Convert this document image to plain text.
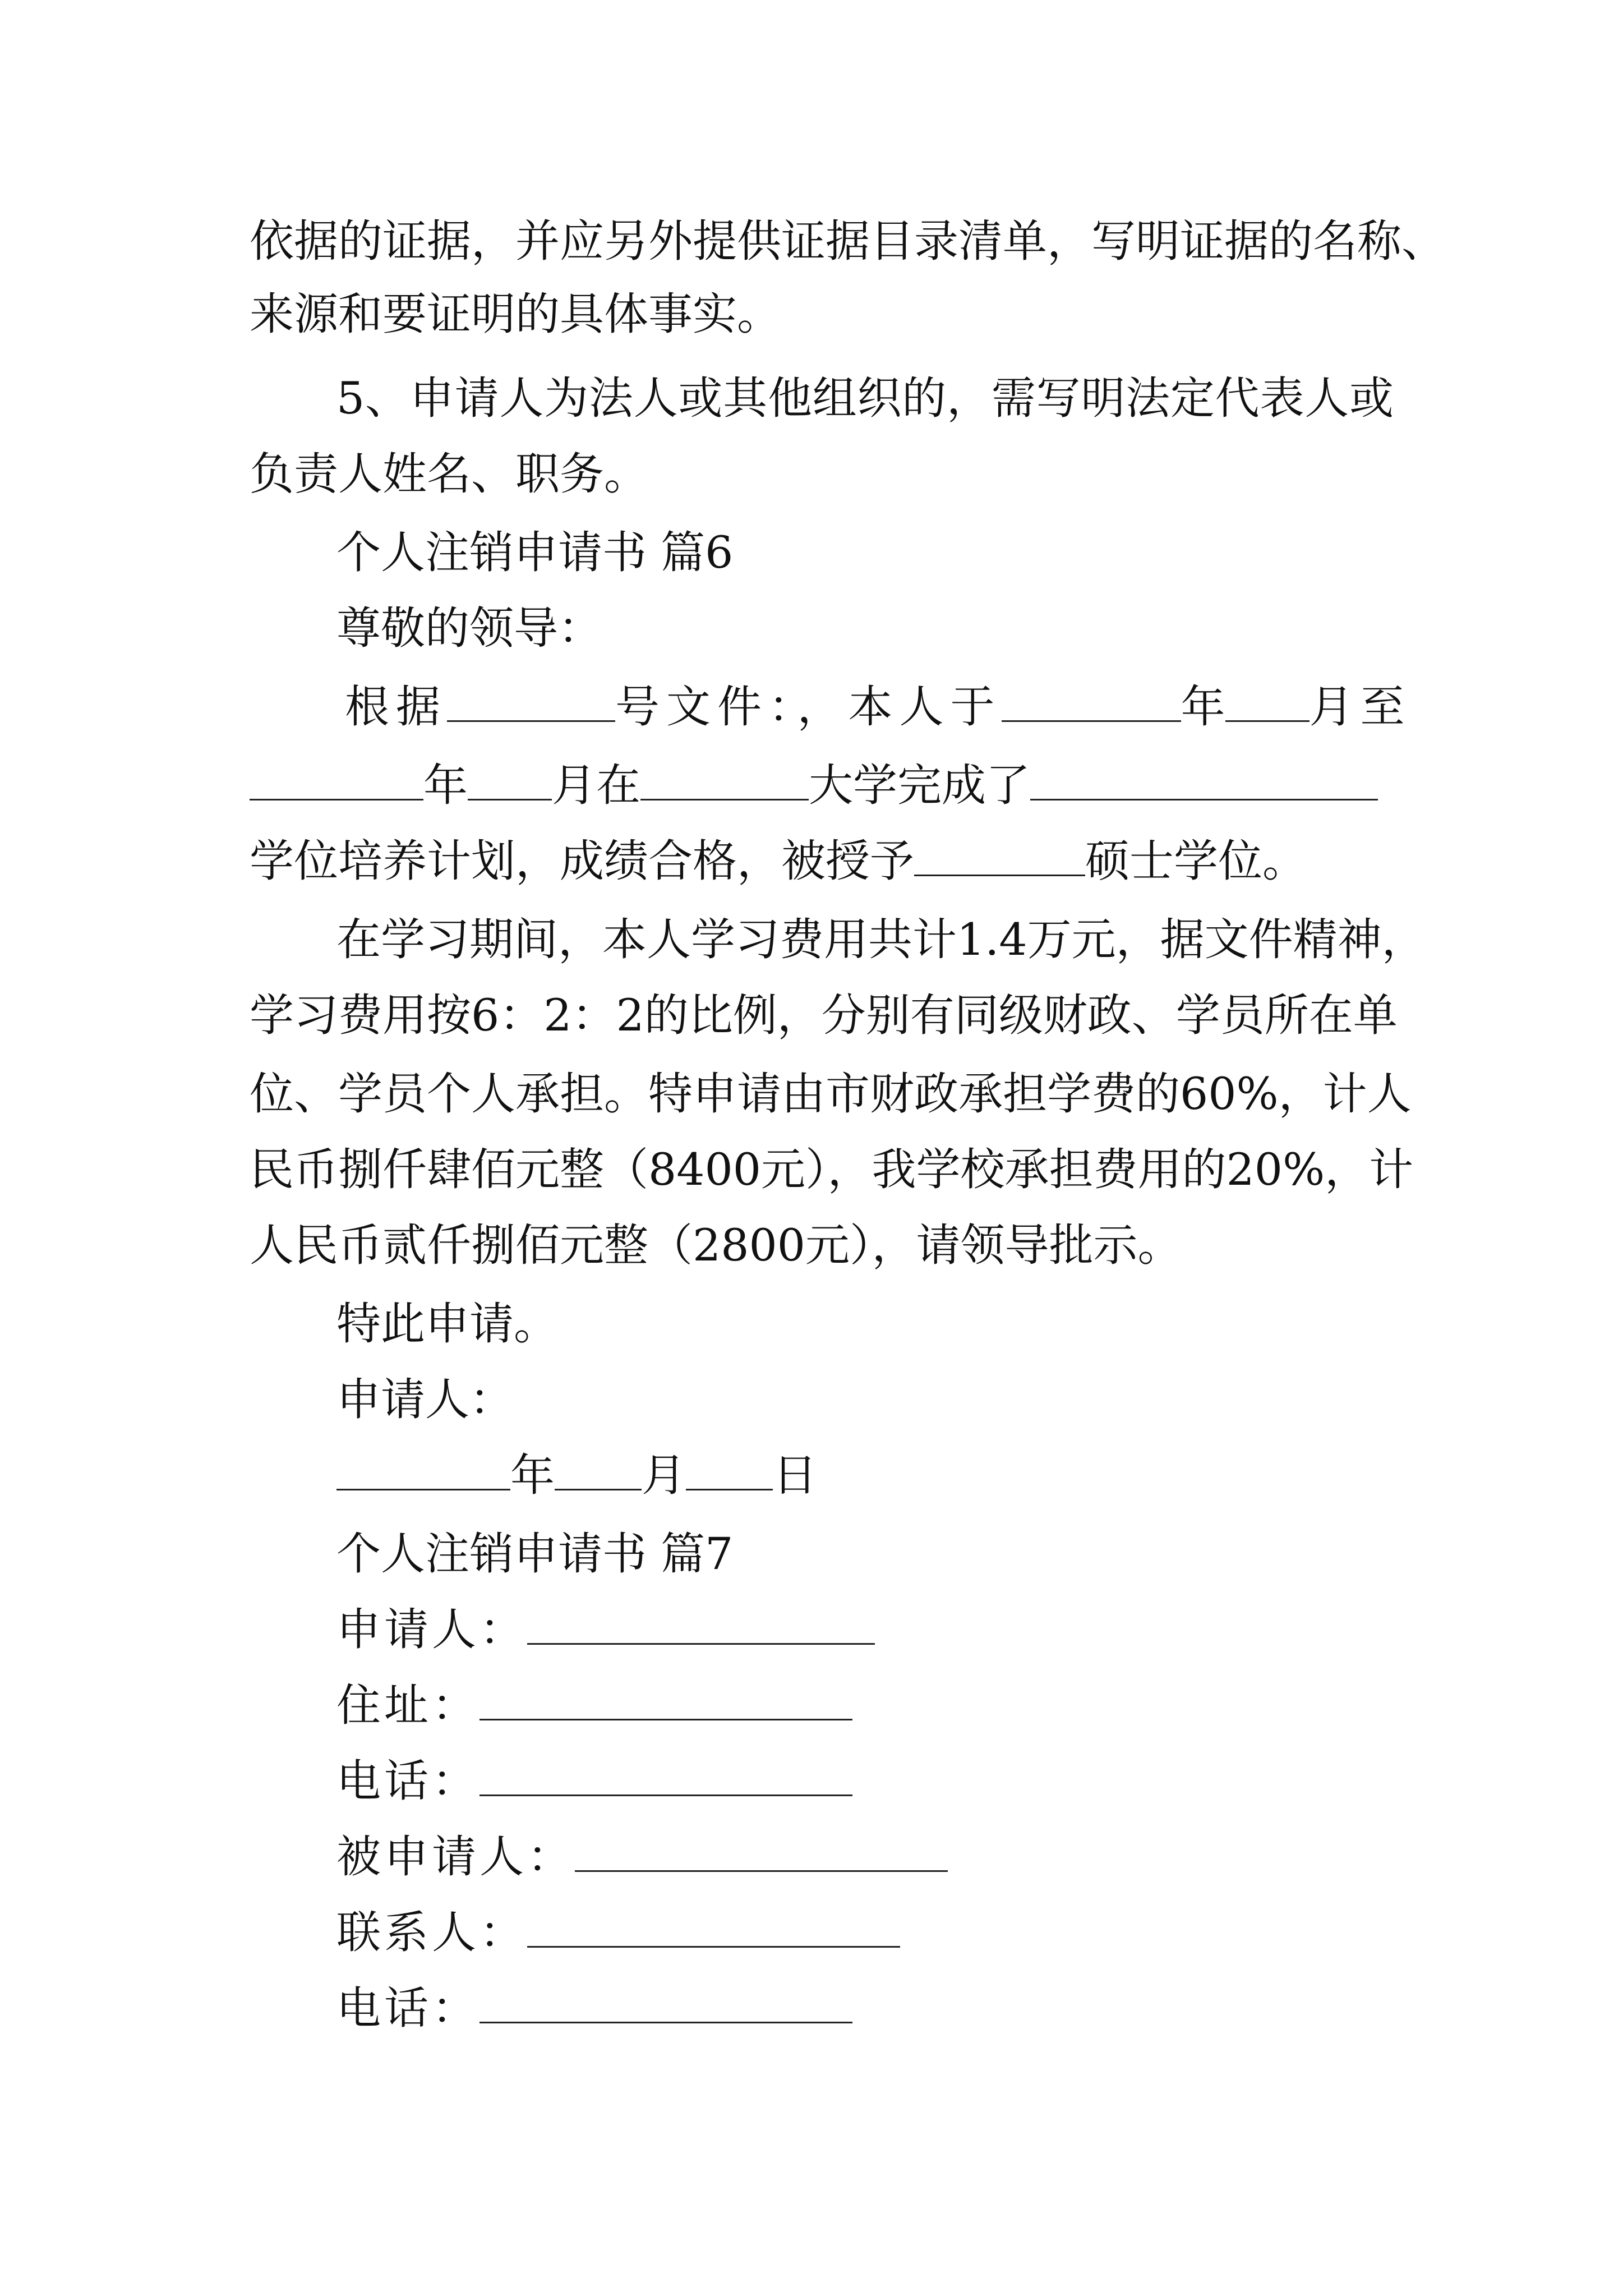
依据的证据，并应另外提供证据目录清单，写明证据的名称、
来源和要证明的具体事实。
5、申请人为法人或其他组织的，需写明法定代表人或
负责人姓名、职务。
个人注销申请书 篇6
尊敬的领导：
根据	号文件：，本人于	年 月至
年 月在	大学完成了
学位培养计划，成绩合格，被授予	硕士学位。
在学习期间，本人学习费用共计1.4万元，据文件精神，
学习费用按6：2：2的比例，分别有同级财政、学员所在单
位、学员个人承担。特申请由市财政承担学费的60%，计人
民币捌仟肆佰元整（8400元），我学校承担费用的20%，计
人民币贰仟捌佰元整（2800元），请领导批示。
特此申请。
申请人：
年 月 日
个人注销申请书 篇7
申请人：
住址：
电话：
被申请人：
联系人：
电话：
